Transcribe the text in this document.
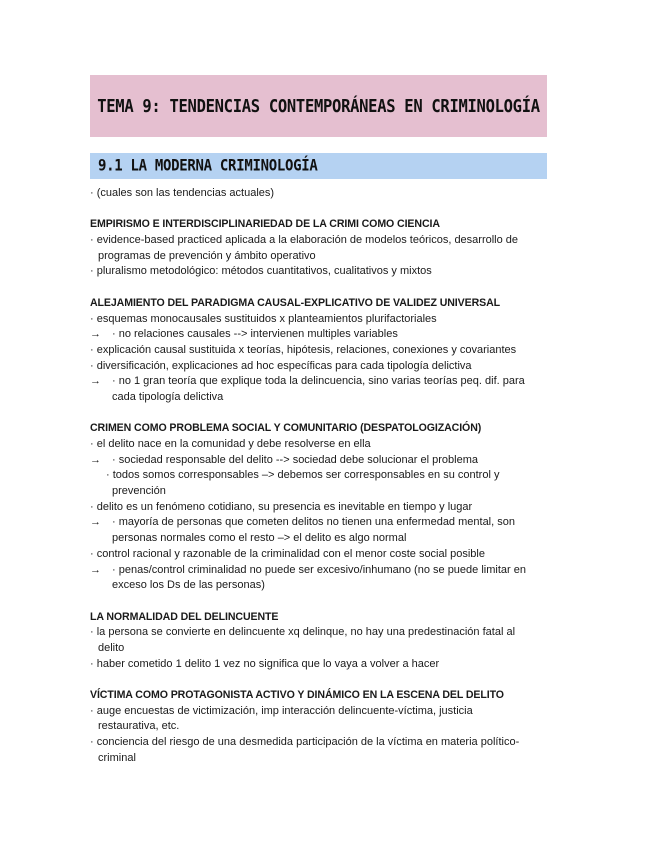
TEMA 9: TENDENCIAS CONTEMPORÁNEAS EN CRIMINOLOGÍA
9.1 LA MODERNA CRIMINOLOGÍA
· (cuales son las tendencias actuales)
EMPIRISMO E INTERDISCIPLINARIEDAD DE LA CRIMI COMO CIENCIA
· evidence-based practiced aplicada a la elaboración de modelos teóricos, desarrollo de
programas de prevención y ámbito operativo
· pluralismo metodológico: métodos cuantitativos, cualitativos y mixtos
ALEJAMIENTO DEL PARADIGMA CAUSAL-EXPLICATIVO DE VALIDEZ UNIVERSAL
· esquemas monocausales sustituidos x planteamientos plurifactoriales
→ · no relaciones causales --> intervienen multiples variables
· explicación causal sustituida x teorías, hipótesis, relaciones, conexiones y covariantes
· diversificación, explicaciones ad hoc específicas para cada tipología delictiva
→ · no 1 gran teoría que explique toda la delincuencia, sino varias teorías peq. dif. para
cada tipología delictiva
CRIMEN COMO PROBLEMA SOCIAL Y COMUNITARIO (DESPATOLOGIZACIÓN)
· el delito nace en la comunidad y debe resolverse en ella
→ · sociedad responsable del delito --> sociedad debe solucionar el problema
· todos somos corresponsables –> debemos ser corresponsables en su control y
prevención
· delito es un fenómeno cotidiano, su presencia es inevitable en tiempo y lugar
→ · mayoría de personas que cometen delitos no tienen una enfermedad mental, son
personas normales como el resto –> el delito es algo normal
· control racional y razonable de la criminalidad con el menor coste social posible
→ · penas/control criminalidad no puede ser excesivo/inhumano (no se puede limitar en
exceso los Ds de las personas)
LA NORMALIDAD DEL DELINCUENTE
· la persona se convierte en delincuente xq delinque, no hay una predestinación fatal al
delito
· haber cometido 1 delito 1 vez no significa que lo vaya a volver a hacer
VÍCTIMA COMO PROTAGONISTA ACTIVO Y DINÁMICO EN LA ESCENA DEL DELITO
· auge encuestas de victimización, imp interacción delincuente-víctima, justicia
restaurativa, etc.
· conciencia del riesgo de una desmedida participación de la víctima en materia político-
criminal
